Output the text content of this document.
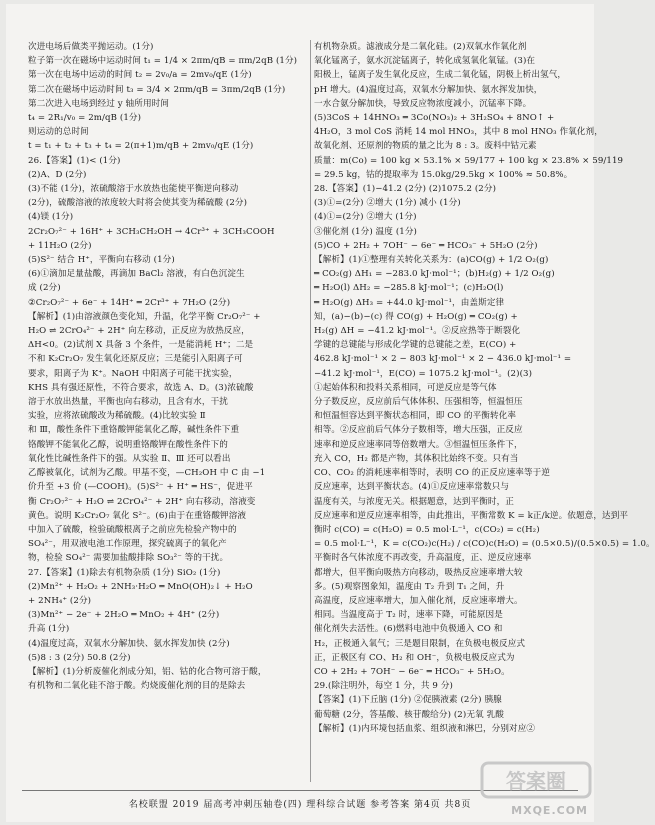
次进电场后做类平抛运动。(1分)
粒子第一次在磁场中运动时间 t₁ = 1/4 × 2πm/qB = πm/2qB (1分)
第一次在电场中运动的时间 t₂ = 2v₀/a = 2mv₀/qE (1分)
第二次在磁场中运动时间 t₃ = 3/4 × 2πm/qB = 3πm/2qB (1分)
第二次进入电场到经过 y 轴所用时间
t₄ = 2R₁/v₀ = 2m/qB (1分)
则运动的总时间
t = t₁ + t₂ + t₃ + t₄ = 2(π+1)m/qB + 2mv₀/qE (1分)
26.【答案】(1)< (1分)
(2)A、D (2分)
(3)不能 (1分)，浓硫酸溶于水放热也能使平衡逆向移动
(2分)，硫酸溶液的浓度较大时将会使其变为稀硫酸 (2分)
(4)镁 (1分)
2Cr₂O₇²⁻ + 16H⁺ + 3CH₃CH₂OH → 4Cr³⁺ + 3CH₃COOH
+ 11H₂O (2分)
(5)S²⁻ 结合 H⁺，平衡向右移动 (1分)
(6)①滴加足量盐酸，再滴加 BaCl₂ 溶液，有白色沉淀生
成 (2分)
②Cr₂O₇²⁻ + 6e⁻ + 14H⁺ ═ 2Cr³⁺ + 7H₂O (2分)
【解析】(1)由溶液颜色变化知，升温，化学平衡 Cr₂O₇²⁻ +
H₂O ⇌ 2CrO₄²⁻ + 2H⁺ 向左移动，正反应为放热反应，
ΔH<0。(2)试剂 X 具备 3 个条件，一是能消耗 H⁺；二是
不和 K₂Cr₂O₇ 发生氧化还原反应；三是能引入阳离子可
要求，阳离子为 K⁺。NaOH 中阳离子可能干扰实验，
KHS 具有强还原性，不符合要求，故选 A、D。(3)浓硫酸
溶于水放出热量，平衡也向右移动，且含有水，干扰
实验，应将浓硫酸改为稀硫酸。(4)比较实验 Ⅱ
和 Ⅲ，酸性条件下重铬酸钾能氧化乙醇，碱性条件下重
铬酸钾不能氧化乙醇，说明重铬酸钾在酸性条件下的
氧化性比碱性条件下的强。从实验 Ⅱ、Ⅲ 还可以看出
乙醇被氧化，试剂为乙酸。甲基不变，—CH₂OH 中 C 由 −1
价升至 +3 价 (—COOH)。(5)S²⁻ + H⁺ ═ HS⁻，促进平
衡 Cr₂O₇²⁻ + H₂O ⇌ 2CrO₄²⁻ + 2H⁺ 向右移动，溶液变
黄色。说明 K₂Cr₂O₇ 氧化 S²⁻。(6)由于在重铬酸钾溶液
中加入了硫酸，检验硫酸根离子之前应先检验产物中的
SO₄²⁻，用双液电池工作原理，探究硫离子的氧化产
物，检验 SO₄²⁻ 需要加盐酸排除 SO₃²⁻ 等的干扰。
27.【答案】(1)除去有机物杂质 (1分) SiO₂ (1分)
(2)Mn²⁺ + H₂O₂ + 2NH₃·H₂O ═ MnO(OH)₂↓ + H₂O
+ 2NH₄⁺ (2分)
(3)Mn²⁺ − 2e⁻ + 2H₂O ═ MnO₂ + 4H⁺ (2分)
升高 (1分)
(4)温度过高，双氧水分解加快、氨水挥发加快 (2分)
(5)8 : 3 (2分) 50.8 (2分)
【解析】(1)分析废催化剂成分知，铝、钴的化合物可溶于酸，
有机物和二氧化硅不溶于酸。灼烧废催化剂的目的是除去
有机物杂质。滤液成分是二氧化硅。(2)双氧水作氧化剂
氧化锰离子，氨水沉淀锰离子，转化成氢氧化氧锰。(3)在
阳极上，锰离子发生氧化反应，生成二氧化锰，阴极上析出氢气，
pH 增大。(4)温度过高，双氧水分解加快、氨水挥发加快，
一水合氨分解加快，导致反应物浓度减小，沉锰率下降。
(5)3CoS + 14HNO₃ ═ 3Co(NO₃)₂ + 3H₂SO₄ + 8NO↑ +
4H₂O，3 mol CoS 消耗 14 mol HNO₃，其中 8 mol HNO₃ 作氧化剂，
故氧化剂、还原剂的物质的量之比为 8 : 3。废料中钴元素
质量：m(Co) = 100 kg × 53.1% × 59/177 + 100 kg × 23.8% × 59/119
= 29.5 kg，钴的提取率为 15.0kg/29.5kg × 100% ≈ 50.8%。
28.【答案】(1)−41.2 (2分) (2)1075.2 (2分)
(3)①=(2分) ②增大 (1分) 减小 (1分)
(4)①=(2分) ②增大 (1分)
③催化剂 (1分) 温度 (1分)
(5)CO + 2H₂ + 7OH⁻ − 6e⁻ ═ HCO₃⁻ + 5H₂O (2分)
【解析】(1)①整理有关转化关系为：(a)CO(g) + 1/2 O₂(g)
═ CO₂(g) ΔH₁ = −283.0 kJ·mol⁻¹；(b)H₂(g) + 1/2 O₂(g)
═ H₂O(l) ΔH₂ = −285.8 kJ·mol⁻¹；(c)H₂O(l)
═ H₂O(g) ΔH₃ = +44.0 kJ·mol⁻¹，由盖斯定律
知，(a)−(b)−(c) 得 CO(g) + H₂O(g) ═ CO₂(g) +
H₂(g) ΔH = −41.2 kJ·mol⁻¹。②反应热等于断裂化
学键的总键能与形成化学键的总键能之差，E(CO) +
462.8 kJ·mol⁻¹ × 2 − 803 kJ·mol⁻¹ × 2 − 436.0 kJ·mol⁻¹ =
−41.2 kJ·mol⁻¹，E(CO) = 1075.2 kJ·mol⁻¹。(2)(3)
①起始体积和投料关系相同，可逆反应是等气体
分子数反应，反应前后气体体积、压强相等，恒温恒压
和恒温恒容达到平衡状态相同，即 CO 的平衡转化率
相等。②反应前后气体分子数相等，增大压强，正反应
速率和逆反应速率同等倍数增大。③恒温恒压条件下，
充入 CO，H₂ 都是产物，其体积比始终不变。只有当
CO、CO₂ 的消耗速率相等时，表明 CO 的正反应速率等于逆
反应速率，达到平衡状态。(4)①反应速率常数只与
温度有关，与浓度无关。根据题意，达到平衡时，正
反应速率和逆反应速率相等，由此推出，平衡常数 K = k正/k逆。依题意，达到平
衡时 c(CO) = c(H₂O) = 0.5 mol·L⁻¹，c(CO₂) = c(H₂)
= 0.5 mol·L⁻¹，K = c(CO₂)c(H₂) / c(CO)c(H₂O) = (0.5×0.5)/(0.5×0.5) = 1.0。
平衡时各气体浓度不再改变，升高温度，正、逆反应速率
都增大，但平衡向吸热方向移动，吸热反应速率增大较
多。(5)观察图象知，温度由 T₂ 升到 T₁ 之间，升
高温度，反应速率增大，加入催化剂，反应速率增大。
相同。当温度高于 T₂ 时，速率下降，可能原因是
催化剂失去活性。(6)燃料电池中负极通入 CO 和
H₂，正极通入氧气；三是题目限制，在负极电极反应式
正，正极区有 CO、H₂ 和 OH⁻，负极电极反应式为
CO + 2H₂ + 7OH⁻ − 6e⁻ ═ HCO₃⁻ + 5H₂O。
29.(除注明外，每空 1 分，共 9 分)
【答案】(1)下丘脑 (1分) ②促胰液素 (2分) 胰腺
葡萄糖 (2分，答基酸、核苷酸给分) (2)无氧 乳酸
【解析】(1)内环境包括血浆、组织液和淋巴，分别对应②
名校联盟 2019 届高考冲刺压轴卷(四) 理科综合试题 参考答案 第4页 共8页
答案圈
MXQE.COM
